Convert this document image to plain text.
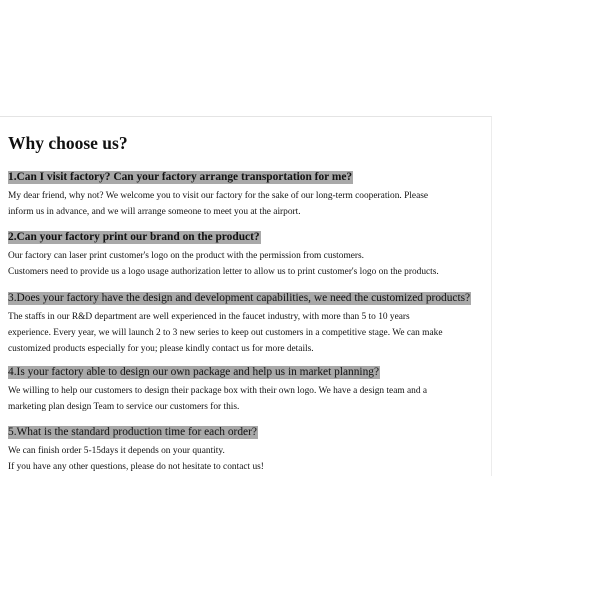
Why choose us?

1.Can I visit factory? Can your factory arrange transportation for me?

My dear friend, why not? We welcome you to visit our factory for the sake of our long-term cooperation. Please

inform us in advance, and we will arrange someone to meet you at the airport.

2.Can your factory print our brand on the product?

Our factory can laser print customer's logo on the product with the permission from customers.

Customers need to provide us a logo usage authorization letter to allow us to print customer's logo on the products.

3.Does your factory have the design and development capabilities, we need the customized products?

The staffs in our R&D department are well experienced in the faucet industry, with more than 5 to 10 years

experience. Every year, we will launch 2 to 3 new series to keep out customers in a competitive stage. We can make

customized products especially for you; please kindly contact us for more details.

4.Is your factory able to design our own package and help us in market planning?

We willing to help our customers to design their package box with their own logo. We have a design team and a

marketing plan design Team to service our customers for this.

5.What is the standard production time for each order?

We can finish order 5-15days it depends on your quantity.

If you have any other questions, please do not hesitate to contact us!
